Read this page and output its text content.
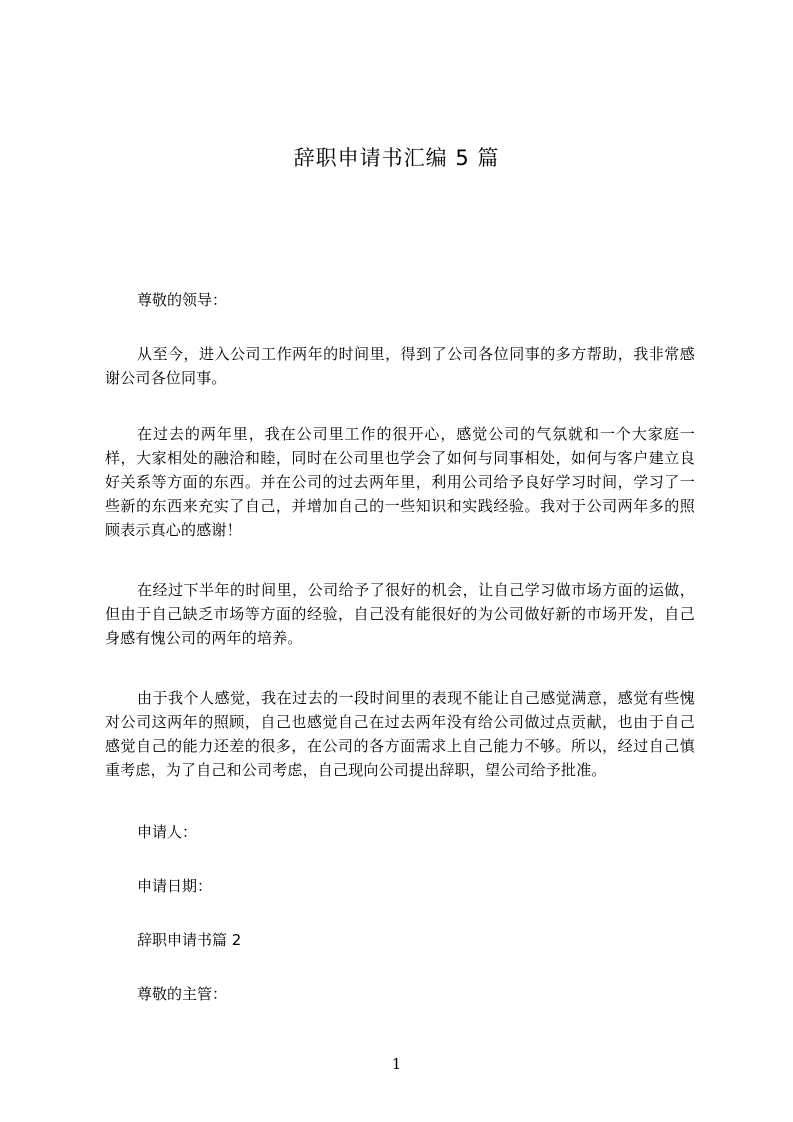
辞职申请书汇编 5 篇

尊敬的领导：

从至今，进入公司工作两年的时间里，得到了公司各位同事的多方帮助，我非常感谢公司各位同事。

在过去的两年里，我在公司里工作的很开心，感觉公司的气氛就和一个大家庭一样，大家相处的融洽和睦，同时在公司里也学会了如何与同事相处，如何与客户建立良好关系等方面的东西。并在公司的过去两年里，利用公司给予良好学习时间，学习了一些新的东西来充实了自己，并增加自己的一些知识和实践经验。我对于公司两年多的照顾表示真心的感谢！

在经过下半年的时间里，公司给予了很好的机会，让自己学习做市场方面的运做，但由于自己缺乏市场等方面的经验，自己没有能很好的为公司做好新的市场开发，自己身感有愧公司的两年的培养。

由于我个人感觉，我在过去的一段时间里的表现不能让自己感觉满意，感觉有些愧对公司这两年的照顾，自己也感觉自己在过去两年没有给公司做过点贡献，也由于自己感觉自己的能力还差的很多，在公司的各方面需求上自己能力不够。所以，经过自己慎重考虑，为了自己和公司考虑，自己现向公司提出辞职，望公司给予批准。

申请人：

申请日期：

辞职申请书篇 2

尊敬的主管：

1
